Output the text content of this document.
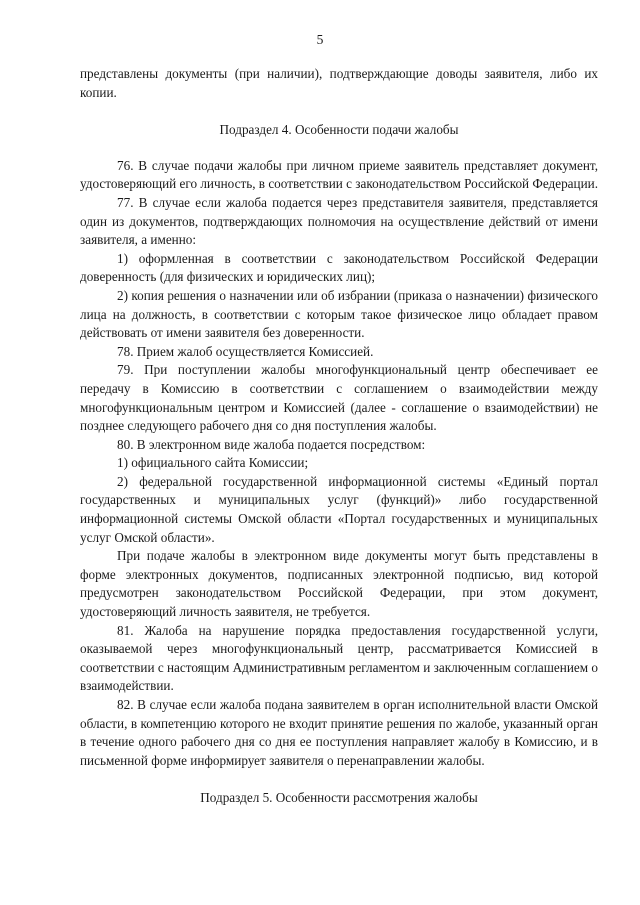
5

представлены документы (при наличии), подтверждающие доводы заявителя, либо их копии.

Подраздел 4. Особенности подачи жалобы

76. В случае подачи жалобы при личном приеме заявитель представляет документ, удостоверяющий его личность, в соответствии с законодательством Российской Федерации.

77. В случае если жалоба подается через представителя заявителя, представляется один из документов, подтверждающих полномочия на осуществление действий от имени заявителя, а именно:

1) оформленная в соответствии с законодательством Российской Федерации доверенность (для физических и юридических лиц);

2) копия решения о назначении или об избрании (приказа о назначении) физического лица на должность, в соответствии с которым такое физическое лицо обладает правом действовать от имени заявителя без доверенности.

78. Прием жалоб осуществляется Комиссией.

79. При поступлении жалобы многофункциональный центр обеспечивает ее передачу в Комиссию в соответствии с соглашением о взаимодействии между многофункциональным центром и Комиссией (далее - соглашение о взаимодействии) не позднее следующего рабочего дня со дня поступления жалобы.

80. В электронном виде жалоба подается посредством:

1) официального сайта Комиссии;

2) федеральной государственной информационной системы «Единый портал государственных и муниципальных услуг (функций)» либо государственной информационной системы Омской области «Портал государственных и муниципальных услуг Омской области».

При подаче жалобы в электронном виде документы могут быть представлены в форме электронных документов, подписанных электронной подписью, вид которой предусмотрен законодательством Российской Федерации, при этом документ, удостоверяющий личность заявителя, не требуется.

81. Жалоба на нарушение порядка предоставления государственной услуги, оказываемой через многофункциональный центр, рассматривается Комиссией в соответствии с настоящим Административным регламентом и заключенным соглашением о взаимодействии.

82. В случае если жалоба подана заявителем в орган исполнительной власти Омской области, в компетенцию которого не входит принятие решения по жалобе, указанный орган в течение одного рабочего дня со дня ее поступления направляет жалобу в Комиссию, и в письменной форме информирует заявителя о перенаправлении жалобы.

Подраздел 5. Особенности рассмотрения жалобы
